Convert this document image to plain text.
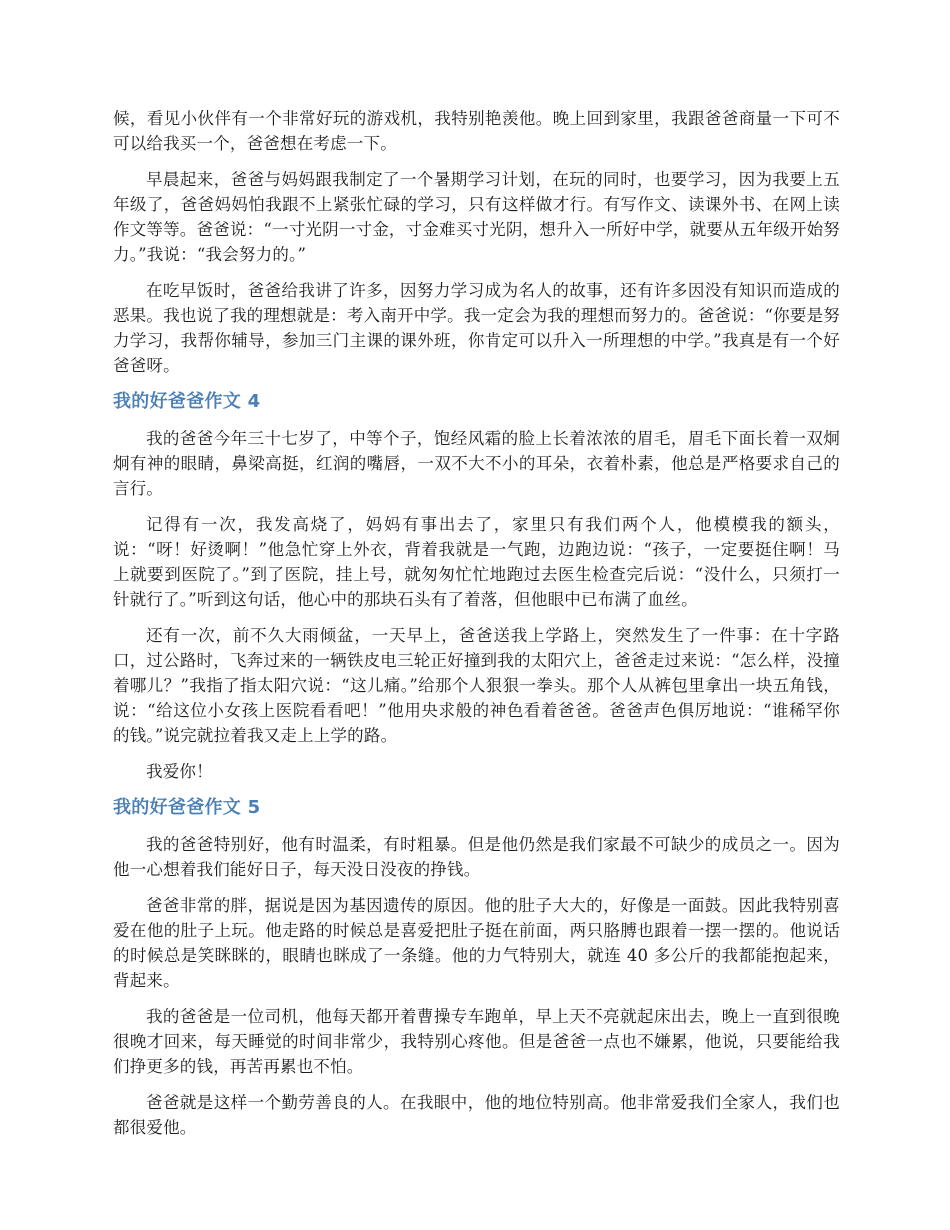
候，看见小伙伴有一个非常好玩的游戏机，我特别艳羡他。晚上回到家里，我跟爸爸商量一下可不可以给我买一个，爸爸想在考虑一下。

早晨起来，爸爸与妈妈跟我制定了一个暑期学习计划，在玩的同时，也要学习，因为我要上五年级了，爸爸妈妈怕我跟不上紧张忙碌的学习，只有这样做才行。有写作文、读课外书、在网上读作文等等。爸爸说：“一寸光阴一寸金，寸金难买寸光阴，想升入一所好中学，就要从五年级开始努力。”我说：“我会努力的。”

在吃早饭时，爸爸给我讲了许多，因努力学习成为名人的故事，还有许多因没有知识而造成的恶果。我也说了我的理想就是：考入南开中学。我一定会为我的理想而努力的。爸爸说：“你要是努力学习，我帮你辅导，参加三门主课的课外班，你肯定可以升入一所理想的中学。”我真是有一个好爸爸呀。

我的好爸爸作文 4

我的爸爸今年三十七岁了，中等个子，饱经风霜的脸上长着浓浓的眉毛，眉毛下面长着一双炯炯有神的眼睛，鼻梁高挺，红润的嘴唇，一双不大不小的耳朵，衣着朴素，他总是严格要求自己的言行。

记得有一次，我发高烧了，妈妈有事出去了，家里只有我们两个人，他模模我的额头，说：“呀！好烫啊！”他急忙穿上外衣，背着我就是一气跑，边跑边说：“孩子，一定要挺住啊！马上就要到医院了。”到了医院，挂上号，就匆匆忙忙地跑过去医生检查完后说：“没什么，只须打一针就行了。”听到这句话，他心中的那块石头有了着落，但他眼中已布满了血丝。

还有一次，前不久大雨倾盆，一天早上，爸爸送我上学路上，突然发生了一件事：在十字路口，过公路时，飞奔过来的一辆铁皮电三轮正好撞到我的太阳穴上，爸爸走过来说：“怎么样，没撞着哪儿？”我指了指太阳穴说：“这儿痛。”给那个人狠狠一拳头。那个人从裤包里拿出一块五角钱，说：“给这位小女孩上医院看看吧！”他用央求般的神色看着爸爸。爸爸声色俱厉地说：“谁稀罕你的钱。”说完就拉着我又走上上学的路。

我爱你！

我的好爸爸作文 5

我的爸爸特别好，他有时温柔，有时粗暴。但是他仍然是我们家最不可缺少的成员之一。因为他一心想着我们能好日子，每天没日没夜的挣钱。

爸爸非常的胖，据说是因为基因遗传的原因。他的肚子大大的，好像是一面鼓。因此我特别喜爱在他的肚子上玩。他走路的时候总是喜爱把肚子挺在前面，两只胳膊也跟着一摆一摆的。他说话的时候总是笑眯眯的，眼睛也眯成了一条缝。他的力气特别大，就连 40 多公斤的我都能抱起来，背起来。

我的爸爸是一位司机，他每天都开着曹操专车跑单，早上天不亮就起床出去，晚上一直到很晚很晚才回来，每天睡觉的时间非常少，我特别心疼他。但是爸爸一点也不嫌累，他说，只要能给我们挣更多的钱，再苦再累也不怕。

爸爸就是这样一个勤劳善良的人。在我眼中，他的地位特别高。他非常爱我们全家人，我们也都很爱他。
